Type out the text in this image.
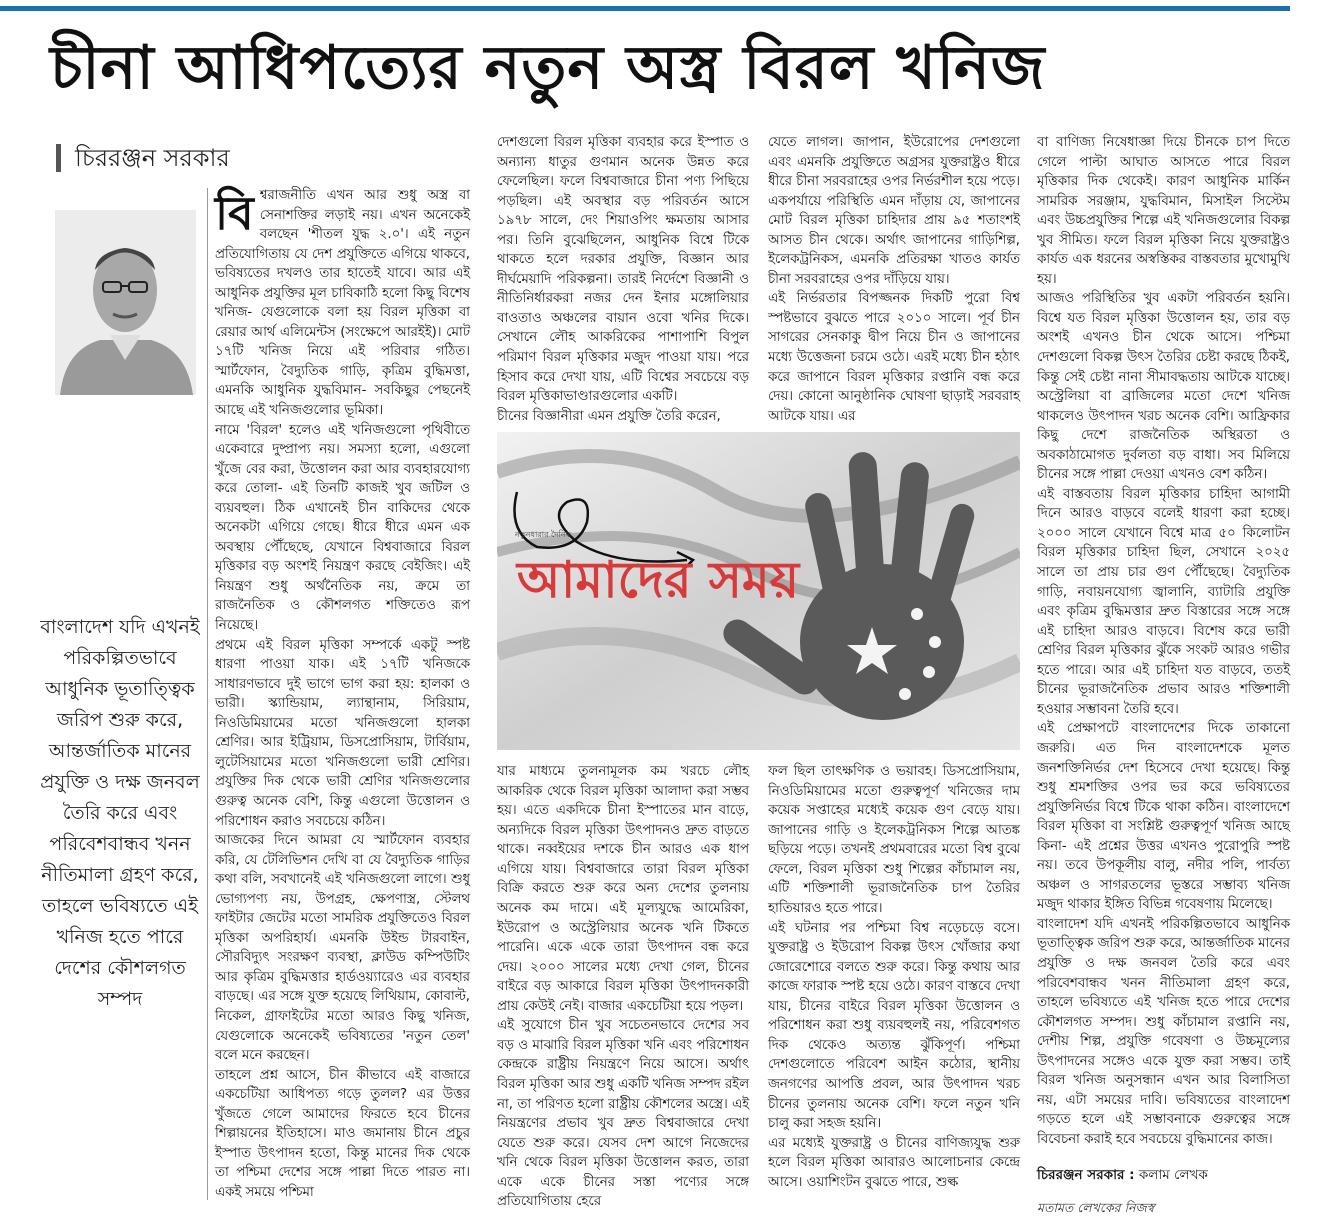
চীনা আধিপত্যের নতুন অস্ত্র বিরল খনিজ
চিররঞ্জন সরকার
বাংলাদেশ যদি এখনই পরিকল্পিতভাবে আধুনিক ভূতাত্ত্বিক জরিপ শুরু করে, আন্তর্জাতিক মানের প্রযুক্তি ও দক্ষ জনবল তৈরি করে এবং পরিবেশবান্ধব খনন নীতিমালা গ্রহণ করে, তাহলে ভবিষ্যতে এই খনিজ হতে পারে দেশের কৌশলগত সম্পদ
বি শ্বরাজনীতি এখন আর শুধু অস্ত্র বা সেনাশক্তির লড়াই নয়। এখন অনেকেই বলছেন 'শীতল যুদ্ধ ২.০'। এই নতুন প্রতিযোগিতায় যে দেশ প্রযুক্তিতে এগিয়ে থাকবে, ভবিষ্যতের দখলও তার হাতেই যাবে। আর এই আধুনিক প্রযুক্তির মূল চাবিকাঠি হলো কিছু বিশেষ খনিজ- যেগুলোকে বলা হয় বিরল মৃত্তিকা বা রেয়ার আর্থ এলিমেন্টস (সংক্ষেপে আরইই)। মোট ১৭টি খনিজ নিয়ে এই পরিবার গঠিত। স্মার্টফোন, বৈদ্যুতিক গাড়ি, কৃত্রিম বুদ্ধিমত্তা, এমনকি আধুনিক যুদ্ধবিমান- সবকিছুর পেছনেই আছে এই খনিজগুলোর ভূমিকা।

নামে 'বিরল' হলেও এই খনিজগুলো পৃথিবীতে একেবারে দুষ্প্রাপ্য নয়। সমস্যা হলো, এগুলো খুঁজে বের করা, উত্তোলন করা আর ব্যবহারযোগ্য করে তোলা- এই তিনটি কাজই খুব জটিল ও ব্যয়বহুল। ঠিক এখানেই চীন বাকিদের থেকে অনেকটা এগিয়ে গেছে। ধীরে ধীরে এমন এক অবস্থায় পৌঁছেছে, যেখানে বিশ্ববাজারে বিরল মৃত্তিকার বড় অংশই নিয়ন্ত্রণ করছে বেইজিং। এই নিয়ন্ত্রণ শুধু অর্থনৈতিক নয়, ক্রমে তা রাজনৈতিক ও কৌশলগত শক্তিতেও রূপ নিয়েছে।

প্রথমে এই বিরল মৃত্তিকা সম্পর্কে একটু স্পষ্ট ধারণা পাওয়া যাক। এই ১৭টি খনিজকে সাধারণভাবে দুই ভাগে ভাগ করা হয়: হালকা ও ভারী। স্ক্যান্ডিয়াম, ল্যান্থানাম, সিরিয়াম, নিওডিমিয়ামের মতো খনিজগুলো হালকা শ্রেণির। আর ইট্রিয়াম, ডিসপ্রোসিয়াম, টার্বিয়াম, লুটেসিয়ামের মতো খনিজগুলো ভারী শ্রেণির। প্রযুক্তির দিক থেকে ভারী শ্রেণির খনিজগুলোর গুরুত্ব অনেক বেশি, কিন্তু এগুলো উত্তোলন ও পরিশোধন করাও সবচেয়ে কঠিন।

আজকের দিনে আমরা যে স্মার্টফোন ব্যবহার করি, যে টেলিভিশন দেখি বা যে বৈদ্যুতিক গাড়ির কথা বলি, সবখানেই এই খনিজগুলো লাগে। শুধু ভোগ্যপণ্য নয়, উপগ্রহ, ক্ষেপণাস্ত্র, স্টেলথ ফাইটার জেটের মতো সামরিক প্রযুক্তিতেও বিরল মৃত্তিকা অপরিহার্য। এমনকি উইন্ড টারবাইন, সৌরবিদ্যুৎ সংরক্ষণ ব্যবস্থা, ক্লাউড কম্পিউটিং আর কৃত্রিম বুদ্ধিমত্তার হার্ডওয়্যারেও এর ব্যবহার বাড়ছে। এর সঙ্গে যুক্ত হয়েছে লিথিয়াম, কোবাল্ট, নিকেল, গ্রাফাইটের মতো আরও কিছু খনিজ, যেগুলোকে অনেকেই ভবিষ্যতের 'নতুন তেল' বলে মনে করছেন।

তাহলে প্রশ্ন আসে, চীন কীভাবে এই বাজারে একচেটিয়া আধিপত্য গড়ে তুলল? এর উত্তর খুঁজতে গেলে আমাদের ফিরতে হবে চীনের শিল্পায়নের ইতিহাসে। মাও জমানায় চীনে প্রচুর ইস্পাত উৎপাদন হতো, কিন্তু মানের দিক থেকে তা পশ্চিমা দেশের সঙ্গে পাল্লা দিতে পারত না। একই সময়ে পশ্চিমা

দেশগুলো বিরল মৃত্তিকা ব্যবহার করে ইস্পাত ও অন্যান্য ধাতুর গুণমান অনেক উন্নত করে ফেলেছিল। ফলে বিশ্ববাজারে চীনা পণ্য পিছিয়ে পড়ছিল। এই অবস্থার বড় পরিবর্তন আসে ১৯৭৮ সালে, দেং শিয়াওপিং ক্ষমতায় আসার পর। তিনি বুঝেছিলেন, আধুনিক বিশ্বে টিকে থাকতে হলে দরকার প্রযুক্তি, বিজ্ঞান আর দীর্ঘমেয়াদি পরিকল্পনা। তারই নির্দেশে বিজ্ঞানী ও নীতিনির্ধারকরা নজর দেন ইনার মঙ্গোলিয়ার বাওতাও অঞ্চলের বায়ান ওবো খনির দিকে। সেখানে লৌহ আকরিকের পাশাপাশি বিপুল পরিমাণ বিরল মৃত্তিকার মজুদ পাওয়া যায়। পরে হিসাব করে দেখা যায়, এটি বিশ্বের সবচেয়ে বড় বিরল মৃত্তিকাভাণ্ডারগুলোর একটি।

চীনের বিজ্ঞানীরা এমন প্রযুক্তি তৈরি করেন,

যেতে লাগল। জাপান, ইউরোপের দেশগুলো এবং এমনকি প্রযুক্তিতে অগ্রসর যুক্তরাষ্ট্রও ধীরে ধীরে চীনা সরবরাহের ওপর নির্ভরশীল হয়ে পড়ে। একপর্যায়ে পরিস্থিতি এমন দাঁড়ায় যে, জাপানের মোট বিরল মৃত্তিকা চাহিদার প্রায় ৯৫ শতাংশই আসত চীন থেকে। অর্থাৎ জাপানের গাড়িশিল্প, ইলেকট্রনিকস, এমনকি প্রতিরক্ষা খাতও কার্যত চীনা সরবরাহের ওপর দাঁড়িয়ে যায়।

এই নির্ভরতার বিপজ্জনক দিকটি পুরো বিশ্ব স্পষ্টভাবে বুঝতে পারে ২০১০ সালে। পূর্ব চীন সাগরের সেনকাকু দ্বীপ নিয়ে চীন ও জাপানের মধ্যে উত্তেজনা চরমে ওঠে। এরই মধ্যে চীন হঠাৎ করে জাপানে বিরল মৃত্তিকার রপ্তানি বন্ধ করে দেয়। কোনো আনুষ্ঠানিক ঘোষণা ছাড়াই সরবরাহ আটকে যায়। এর

নতুনধারার দৈনিক
আমাদের সময়

যার মাধ্যমে তুলনামূলক কম খরচে লৌহ আকরিক থেকে বিরল মৃত্তিকা আলাদা করা সম্ভব হয়। এতে একদিকে চীনা ইস্পাতের মান বাড়ে, অন্যদিকে বিরল মৃত্তিকা উৎপাদনও দ্রুত বাড়তে থাকে। নব্বইয়ের দশকে চীন আরও এক ধাপ এগিয়ে যায়। বিশ্ববাজারে তারা বিরল মৃত্তিকা বিক্রি করতে শুরু করে অন্য দেশের তুলনায় অনেক কম দামে। এই মূল্যযুদ্ধে আমেরিকা, ইউরোপ ও অস্ট্রেলিয়ার অনেক খনি টিকতে পারেনি। একে একে তারা উৎপাদন বন্ধ করে দেয়। ২০০০ সালের মধ্যে দেখা গেল, চীনের বাইরে বড় আকারে বিরল মৃত্তিকা উৎপাদনকারী প্রায় কেউই নেই। বাজার একচেটিয়া হয়ে পড়ল।

এই সুযোগে চীন খুব সচেতনভাবে দেশের সব বড় ও মাঝারি বিরল মৃত্তিকা খনি এবং পরিশোধন কেন্দ্রকে রাষ্ট্রীয় নিয়ন্ত্রণে নিয়ে আসে। অর্থাৎ বিরল মৃত্তিকা আর শুধু একটি খনিজ সম্পদ রইল না, তা পরিণত হলো রাষ্ট্রীয় কৌশলের অস্ত্রে। এই নিয়ন্ত্রণের প্রভাব খুব দ্রুত বিশ্ববাজারে দেখা যেতে শুরু করে। যেসব দেশ আগে নিজেদের খনি থেকে বিরল মৃত্তিকা উত্তোলন করত, তারা একে একে চীনের সস্তা পণ্যের সঙ্গে প্রতিযোগিতায় হেরে

ফল ছিল তাৎক্ষণিক ও ভয়াবহ। ডিসপ্রোসিয়াম, নিওডিমিয়ামের মতো গুরুত্বপূর্ণ খনিজের দাম কয়েক সপ্তাহের মধ্যেই কয়েক গুণ বেড়ে যায়। জাপানের গাড়ি ও ইলেকট্রনিকস শিল্পে আতঙ্ক ছড়িয়ে পড়ে। তখনই প্রথমবারের মতো বিশ্ব বুঝে ফেলে, বিরল মৃত্তিকা শুধু শিল্পের কাঁচামাল নয়, এটি শক্তিশালী ভূরাজনৈতিক চাপ তৈরির হাতিয়ারও হতে পারে।

এই ঘটনার পর পশ্চিমা বিশ্ব নড়েচড়ে বসে। যুক্তরাষ্ট্র ও ইউরোপ বিকল্প উৎস খোঁজার কথা জোরেশোরে বলতে শুরু করে। কিন্তু কথায় আর কাজে ফারাক স্পষ্ট হয়ে ওঠে। কারণ বাস্তবে দেখা যায়, চীনের বাইরে বিরল মৃত্তিকা উত্তোলন ও পরিশোধন করা শুধু ব্যয়বহুলই নয়, পরিবেশগত দিক থেকেও অত্যন্ত ঝুঁকিপূর্ণ। পশ্চিমা দেশগুলোতে পরিবেশ আইন কঠোর, স্থানীয় জনগণের আপত্তি প্রবল, আর উৎপাদন খরচ চীনের তুলনায় অনেক বেশি। ফলে নতুন খনি চালু করা সহজ হয়নি।

এর মধ্যেই যুক্তরাষ্ট্র ও চীনের বাণিজ্যযুদ্ধ শুরু হলে বিরল মৃত্তিকা আবারও আলোচনার কেন্দ্রে আসে। ওয়াশিংটন বুঝতে পারে, শুল্ক

বা বাণিজ্য নিষেধাজ্ঞা দিয়ে চীনকে চাপ দিতে গেলে পাল্টা আঘাত আসতে পারে বিরল মৃত্তিকার দিক থেকেই। কারণ আধুনিক মার্কিন সামরিক সরঞ্জাম, যুদ্ধবিমান, মিসাইল সিস্টেম এবং উচ্চপ্রযুক্তির শিল্পে এই খনিজগুলোর বিকল্প খুব সীমিত। ফলে বিরল মৃত্তিকা নিয়ে যুক্তরাষ্ট্রও কার্যত এক ধরনের অস্বস্তিকর বাস্তবতার মুখোমুখি হয়।

আজও পরিস্থিতির খুব একটা পরিবর্তন হয়নি। বিশ্বে যত বিরল মৃত্তিকা উত্তোলন হয়, তার বড় অংশই এখনও চীন থেকে আসে। পশ্চিমা দেশগুলো বিকল্প উৎস তৈরির চেষ্টা করছে ঠিকই, কিন্তু সেই চেষ্টা নানা সীমাবদ্ধতায় আটকে যাচ্ছে। অস্ট্রেলিয়া বা ব্রাজিলের মতো দেশে খনিজ থাকলেও উৎপাদন খরচ অনেক বেশি। আফ্রিকার কিছু দেশে রাজনৈতিক অস্থিরতা ও অবকাঠামোগত দুর্বলতা বড় বাধা। সব মিলিয়ে চীনের সঙ্গে পাল্লা দেওয়া এখনও বেশ কঠিন।

এই বাস্তবতায় বিরল মৃত্তিকার চাহিদা আগামী দিনে আরও বাড়বে বলেই ধারণা করা হচ্ছে। ২০০০ সালে যেখানে বিশ্বে মাত্র ৫০ কিলোটন বিরল মৃত্তিকার চাহিদা ছিল, সেখানে ২০২৫ সালে তা প্রায় চার গুণ পৌঁছেছে। বৈদ্যুতিক গাড়ি, নবায়নযোগ্য জ্বালানি, ব্যাটারি প্রযুক্তি এবং কৃত্রিম বুদ্ধিমত্তার দ্রুত বিস্তারের সঙ্গে সঙ্গে এই চাহিদা আরও বাড়বে। বিশেষ করে ভারী শ্রেণির বিরল মৃত্তিকার ঝুঁকে সংকট আরও গভীর হতে পারে। আর এই চাহিদা যত বাড়বে, ততই চীনের ভূরাজনৈতিক প্রভাব আরও শক্তিশালী হওয়ার সম্ভাবনা তৈরি হবে।

এই প্রেক্ষাপটে বাংলাদেশের দিকে তাকানো জরুরি। এত দিন বাংলাদেশকে মূলত জনশক্তিনির্ভর দেশ হিসেবে দেখা হয়েছে। কিন্তু শুধু শ্রমশক্তির ওপর ভর করে ভবিষ্যতের প্রযুক্তিনির্ভর বিশ্বে টিকে থাকা কঠিন। বাংলাদেশে বিরল মৃত্তিকা বা সংশ্লিষ্ট গুরুত্বপূর্ণ খনিজ আছে কিনা- এই প্রশ্নের উত্তর এখনও পুরোপুরি স্পষ্ট নয়। তবে উপকূলীয় বালু, নদীর পলি, পার্বত্য অঞ্চল ও সাগরতলের ভূস্তরে সম্ভাব্য খনিজ মজুদ থাকার ইঙ্গিত বিভিন্ন গবেষণায় মিলেছে।

বাংলাদেশ যদি এখনই পরিকল্পিতভাবে আধুনিক ভূতাত্ত্বিক জরিপ শুরু করে, আন্তর্জাতিক মানের প্রযুক্তি ও দক্ষ জনবল তৈরি করে এবং পরিবেশবান্ধব খনন নীতিমালা গ্রহণ করে, তাহলে ভবিষ্যতে এই খনিজ হতে পারে দেশের কৌশলগত সম্পদ। শুধু কাঁচামাল রপ্তানি নয়, দেশীয় শিল্প, প্রযুক্তি গবেষণা ও উচ্চমূল্যের উৎপাদনের সঙ্গেও একে যুক্ত করা সম্ভব। তাই বিরল খনিজ অনুসন্ধান এখন আর বিলাসিতা নয়, এটা সময়ের দাবি। ভবিষ্যতের বাংলাদেশ গড়তে হলে এই সম্ভাবনাকে গুরুত্বের সঙ্গে বিবেচনা করাই হবে সবচেয়ে বুদ্ধিমানের কাজ।

চিররঞ্জন সরকার : কলাম লেখক
মতামত লেখকের নিজস্ব
